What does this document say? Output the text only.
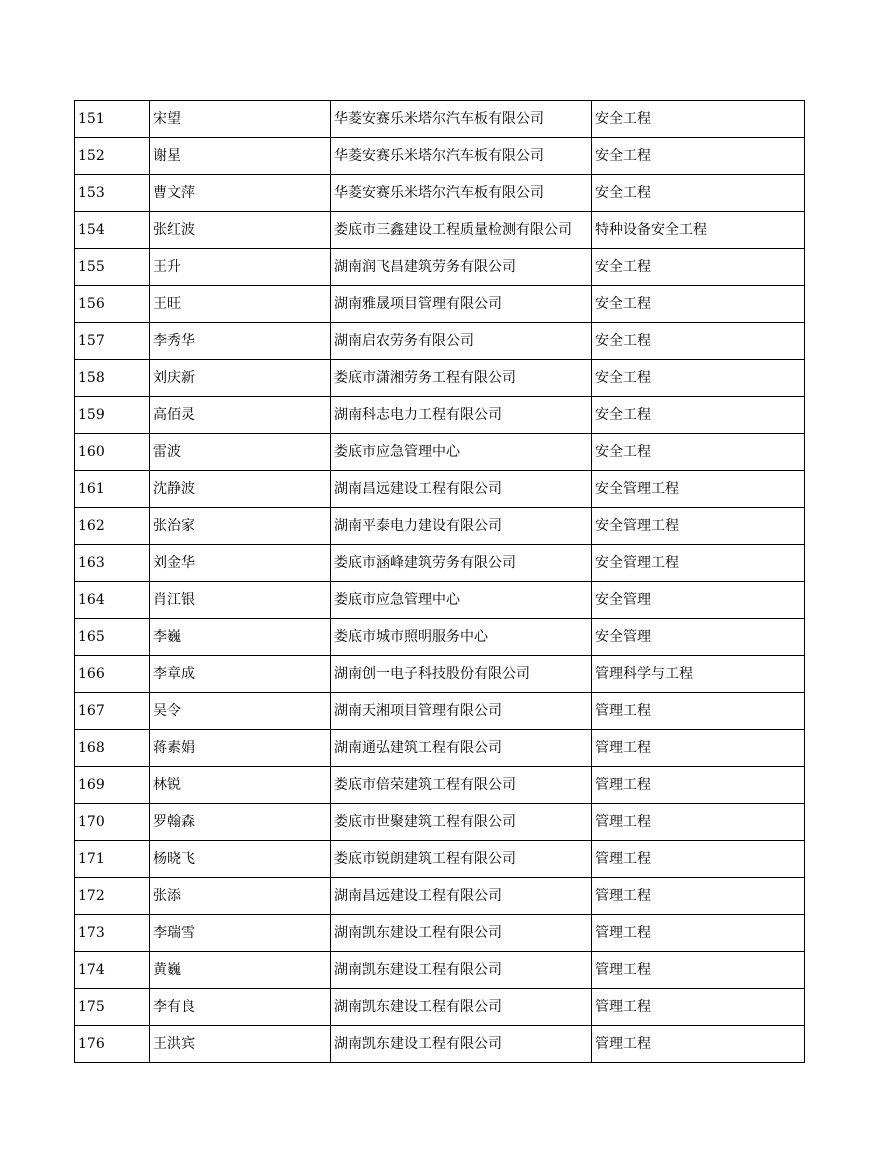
151	宋望	华菱安赛乐米塔尔汽车板有限公司	安全工程
152	谢星	华菱安赛乐米塔尔汽车板有限公司	安全工程
153	曹文萍	华菱安赛乐米塔尔汽车板有限公司	安全工程
154	张红波	娄底市三鑫建设工程质量检测有限公司	特种设备安全工程
155	王升	湖南润飞昌建筑劳务有限公司	安全工程
156	王旺	湖南雅晟项目管理有限公司	安全工程
157	李秀华	湖南启农劳务有限公司	安全工程
158	刘庆新	娄底市潇湘劳务工程有限公司	安全工程
159	高佰灵	湖南科志电力工程有限公司	安全工程
160	雷波	娄底市应急管理中心	安全工程
161	沈静波	湖南昌远建设工程有限公司	安全管理工程
162	张治家	湖南平泰电力建设有限公司	安全管理工程
163	刘金华	娄底市涵峰建筑劳务有限公司	安全管理工程
164	肖江银	娄底市应急管理中心	安全管理
165	李巍	娄底市城市照明服务中心	安全管理
166	李章成	湖南创一电子科技股份有限公司	管理科学与工程
167	吴令	湖南天湘项目管理有限公司	管理工程
168	蒋素娟	湖南通弘建筑工程有限公司	管理工程
169	林锐	娄底市倍荣建筑工程有限公司	管理工程
170	罗翰森	娄底市世聚建筑工程有限公司	管理工程
171	杨晓飞	娄底市锐朗建筑工程有限公司	管理工程
172	张添	湖南昌远建设工程有限公司	管理工程
173	李瑞雪	湖南凯东建设工程有限公司	管理工程
174	黄巍	湖南凯东建设工程有限公司	管理工程
175	李有良	湖南凯东建设工程有限公司	管理工程
176	王洪宾	湖南凯东建设工程有限公司	管理工程
